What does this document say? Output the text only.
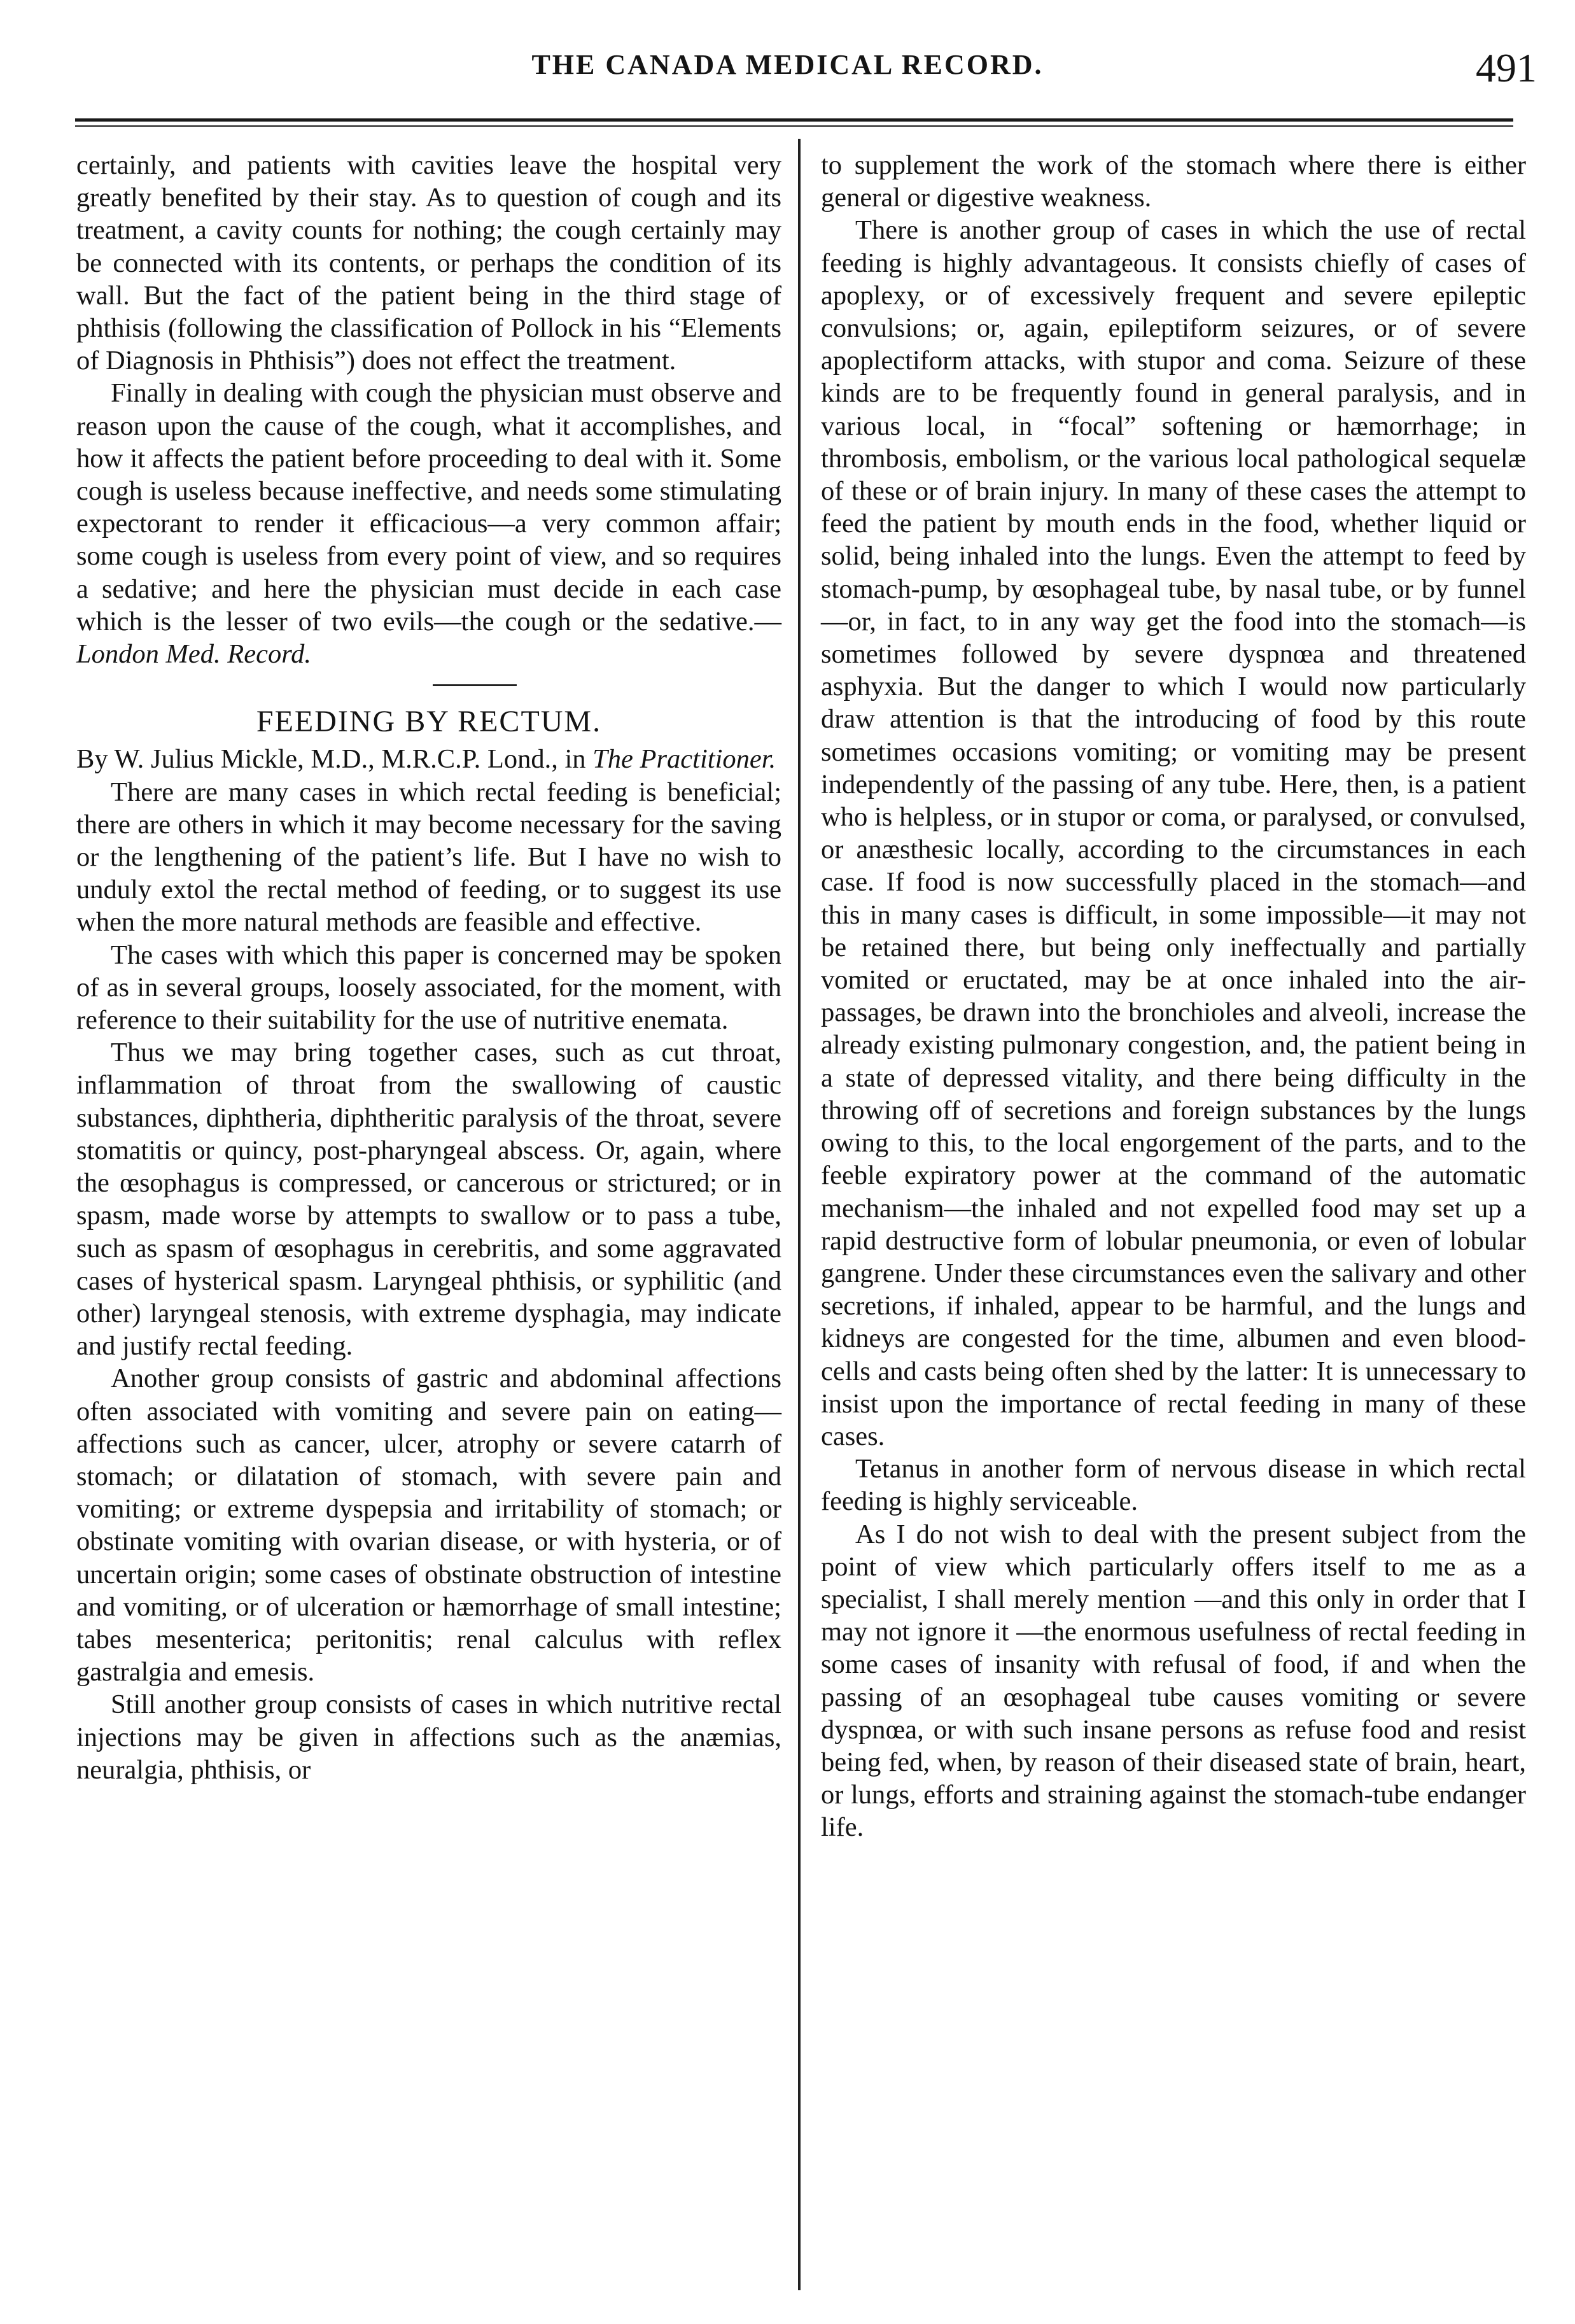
THE CANADA MEDICAL RECORD.	491

certainly, and patients with cavities leave the hospital very greatly benefited by their stay. As to question of cough and its treatment, a cavity counts for nothing; the cough certainly may be connected with its contents, or perhaps the condition of its wall. But the fact of the patient being in the third stage of phthisis (following the classification of Pollock in his “Elements of Diagnosis in Phthisis”) does not effect the treatment.

Finally in dealing with cough the physician must observe and reason upon the cause of the cough, what it accomplishes, and how it affects the patient before proceeding to deal with it. Some cough is useless because ineffective, and needs some stimulating expectorant to render it efficacious—a very common affair; some cough is useless from every point of view, and so requires a sedative; and here the physician must decide in each case which is the lesser of two evils—the cough or the sedative.— London Med. Record.

FEEDING BY RECTUM.

By W. Julius Mickle, M.D., M.R.C.P. Lond., in The Practitioner.

There are many cases in which rectal feeding is beneficial; there are others in which it may become necessary for the saving or the lengthening of the patient’s life. But I have no wish to unduly extol the rectal method of feeding, or to suggest its use when the more natural methods are feasible and effective.

The cases with which this paper is concerned may be spoken of as in several groups, loosely associated, for the moment, with reference to their suitability for the use of nutritive enemata.

Thus we may bring together cases, such as cut throat, inflammation of throat from the swallowing of caustic substances, diphtheria, diphtheritic paralysis of the throat, severe stomatitis or quincy, post-pharyngeal abscess. Or, again, where the œsophagus is compressed, or cancerous or strictured; or in spasm, made worse by attempts to swallow or to pass a tube, such as spasm of œsophagus in cerebritis, and some aggravated cases of hysterical spasm. Laryngeal phthisis, or syphilitic (and other) laryngeal stenosis, with extreme dysphagia, may indicate and justify rectal feeding.

Another group consists of gastric and abdominal affections often associated with vomiting and severe pain on eating—affections such as cancer, ulcer, atrophy or severe catarrh of stomach; or dilatation of stomach, with severe pain and vomiting; or extreme dyspepsia and irritability of stomach; or obstinate vomiting with ovarian disease, or with hysteria, or of uncertain origin; some cases of obstinate obstruction of intestine and vomiting, or of ulceration or hæmorrhage of small intestine; tabes mesenterica; peritonitis; renal calculus with reflex gastralgia and emesis.

Still another group consists of cases in which nutritive rectal injections may be given in affections such as the anæmias, neuralgia, phthisis, or

to supplement the work of the stomach where there is either general or digestive weakness.

There is another group of cases in which the use of rectal feeding is highly advantageous. It consists chiefly of cases of apoplexy, or of excessively frequent and severe epileptic convulsions; or, again, epileptiform seizures, or of severe apoplectiform attacks, with stupor and coma. Seizure of these kinds are to be frequently found in general paralysis, and in various local, in “focal” softening or hæmorrhage; in thrombosis, embolism, or the various local pathological sequelæ of these or of brain injury. In many of these cases the attempt to feed the patient by mouth ends in the food, whether liquid or solid, being inhaled into the lungs. Even the attempt to feed by stomach-pump, by œsophageal tube, by nasal tube, or by funnel—or, in fact, to in any way get the food into the stomach—is sometimes followed by severe dyspnœa and threatened asphyxia. But the danger to which I would now particularly draw attention is that the introducing of food by this route sometimes occasions vomiting; or vomiting may be present independently of the passing of any tube. Here, then, is a patient who is helpless, or in stupor or coma, or paralysed, or convulsed, or anæsthesic locally, according to the circumstances in each case. If food is now successfully placed in the stomach—and this in many cases is difficult, in some impossible—it may not be retained there, but being only ineffectually and partially vomited or eructated, may be at once inhaled into the air-passages, be drawn into the bronchioles and alveoli, increase the already existing pulmonary congestion, and, the patient being in a state of depressed vitality, and there being difficulty in the throwing off of secretions and foreign substances by the lungs owing to this, to the local engorgement of the parts, and to the feeble expiratory power at the command of the automatic mechanism—the inhaled and not expelled food may set up a rapid destructive form of lobular pneumonia, or even of lobular gangrene. Under these circumstances even the salivary and other secretions, if inhaled, appear to be harmful, and the lungs and kidneys are congested for the time, albumen and even blood-cells and casts being often shed by the latter: It is unnecessary to insist upon the importance of rectal feeding in many of these cases.

Tetanus in another form of nervous disease in which rectal feeding is highly serviceable.

As I do not wish to deal with the present subject from the point of view which particularly offers itself to me as a specialist, I shall merely mention —and this only in order that I may not ignore it —the enormous usefulness of rectal feeding in some cases of insanity with refusal of food, if and when the passing of an œsophageal tube causes vomiting or severe dyspnœa, or with such insane persons as refuse food and resist being fed, when, by reason of their diseased state of brain, heart, or lungs, efforts and straining against the stomach-tube endanger life.
